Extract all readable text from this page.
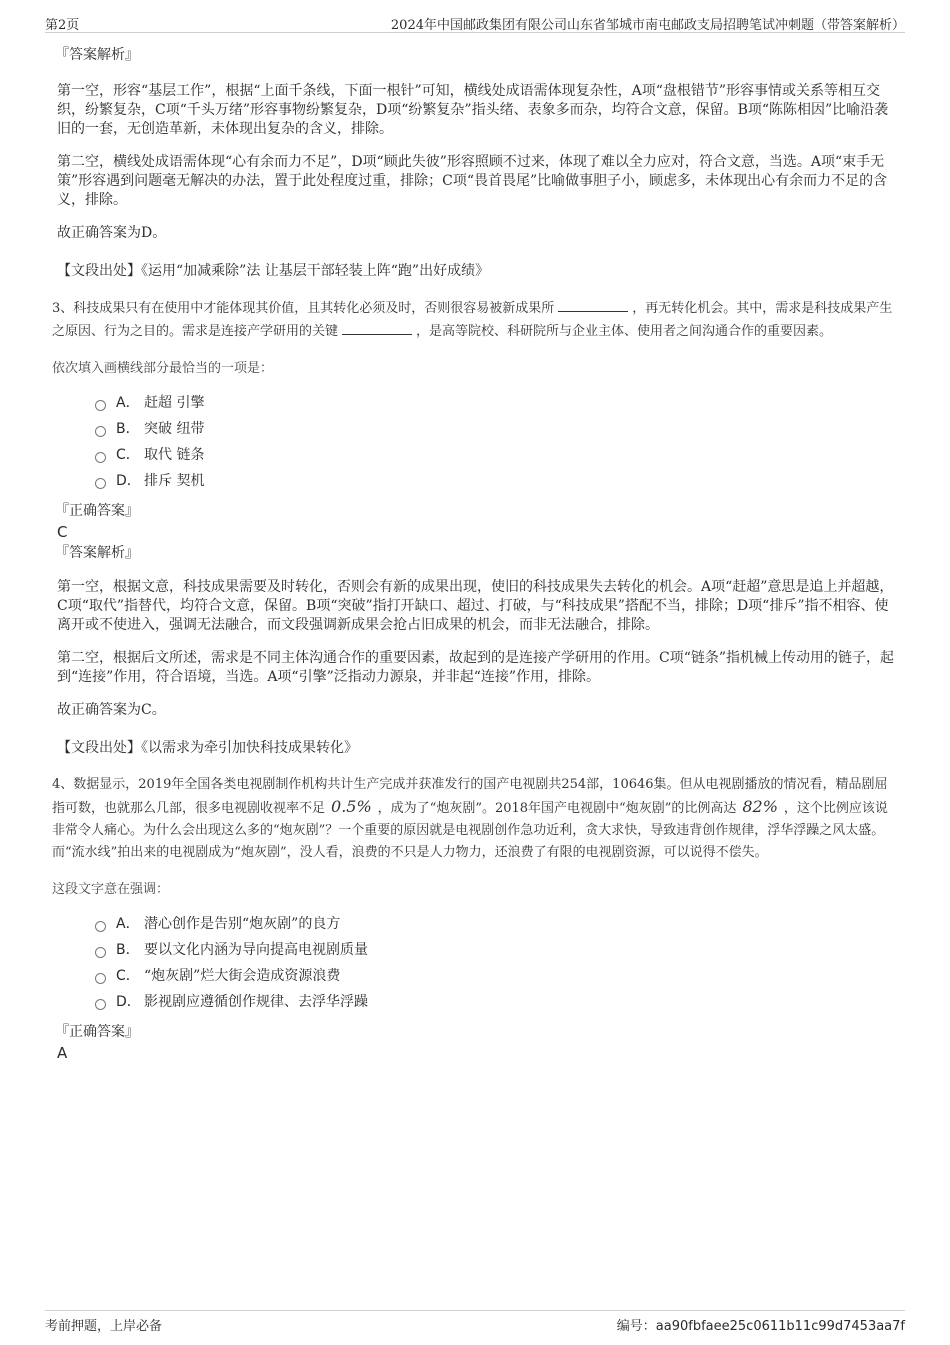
第2页	2024年中国邮政集团有限公司山东省邹城市南屯邮政支局招聘笔试冲刺题（带答案解析）
『答案解析』

第一空，形容“基层工作”，根据“上面千条线，下面一根针”可知，横线处成语需体现复杂性，A项“盘根错节”形容事情或关系等相互交织，纷繁复杂，C项“千头万绪”形容事物纷繁复杂，D项“纷繁复杂”指头绪、表象多而杂，均符合文意，保留。B项“陈陈相因”比喻沿袭旧的一套，无创造革新，未体现出复杂的含义，排除。

第二空，横线处成语需体现“心有余而力不足”，D项“顾此失彼”形容照顾不过来，体现了难以全力应对，符合文意，当选。A项“束手无策”形容遇到问题毫无解决的办法，置于此处程度过重，排除；C项“畏首畏尾”比喻做事胆子小，顾虑多，未体现出心有余而力不足的含义，排除。

故正确答案为D。

【文段出处】《运用“加减乘除”法 让基层干部轻装上阵“跑”出好成绩》

3、科技成果只有在使用中才能体现其价值，且其转化必须及时，否则很容易被新成果所	，再无转化机会。其中，需求是科技成果产生之原因、行为之目的。需求是连接产学研用的关键	，是高等院校、科研院所与企业主体、使用者之间沟通合作的重要因素。
依次填入画横线部分最恰当的一项是：
A． 赶超 引擎
B． 突破 纽带
C． 取代 链条
D． 排斥 契机
『正确答案』
C
『答案解析』

第一空，根据文意，科技成果需要及时转化，否则会有新的成果出现，使旧的科技成果失去转化的机会。A项“赶超”意思是追上并超越，C项“取代”指替代，均符合文意，保留。B项“突破”指打开缺口、超过、打破，与“科技成果”搭配不当，排除；D项“排斥”指不相容、使离开或不使进入，强调无法融合，而文段强调新成果会抢占旧成果的机会，而非无法融合，排除。

第二空，根据后文所述，需求是不同主体沟通合作的重要因素，故起到的是连接产学研用的作用。C项“链条”指机械上传动用的链子，起到“连接”作用，符合语境，当选。A项“引擎”泛指动力源泉，并非起“连接”作用，排除。

故正确答案为C。

【文段出处】《以需求为牵引加快科技成果转化》

4、数据显示，2019年全国各类电视剧制作机构共计生产完成并获准发行的国产电视剧共254部，10646集。但从电视剧播放的情况看，精品剧屈指可数，也就那么几部，很多电视剧收视率不足 0.5% ，成为了“炮灰剧”。2018年国产电视剧中“炮灰剧”的比例高达 82% ，这个比例应该说非常令人痛心。为什么会出现这么多的“炮灰剧”？一个重要的原因就是电视剧创作急功近利，贪大求快，导致违背创作规律，浮华浮躁之风太盛。而“流水线”拍出来的电视剧成为“炮灰剧”，没人看，浪费的不只是人力物力，还浪费了有限的电视剧资源，可以说得不偿失。
这段文字意在强调：
A． 潜心创作是告别“炮灰剧”的良方
B． 要以文化内涵为导向提高电视剧质量
C． “炮灰剧”烂大街会造成资源浪费
D． 影视剧应遵循创作规律、去浮华浮躁
『正确答案』
A
考前押题，上岸必备	编号：aa90fbfaee25c0611b11c99d7453aa7f
